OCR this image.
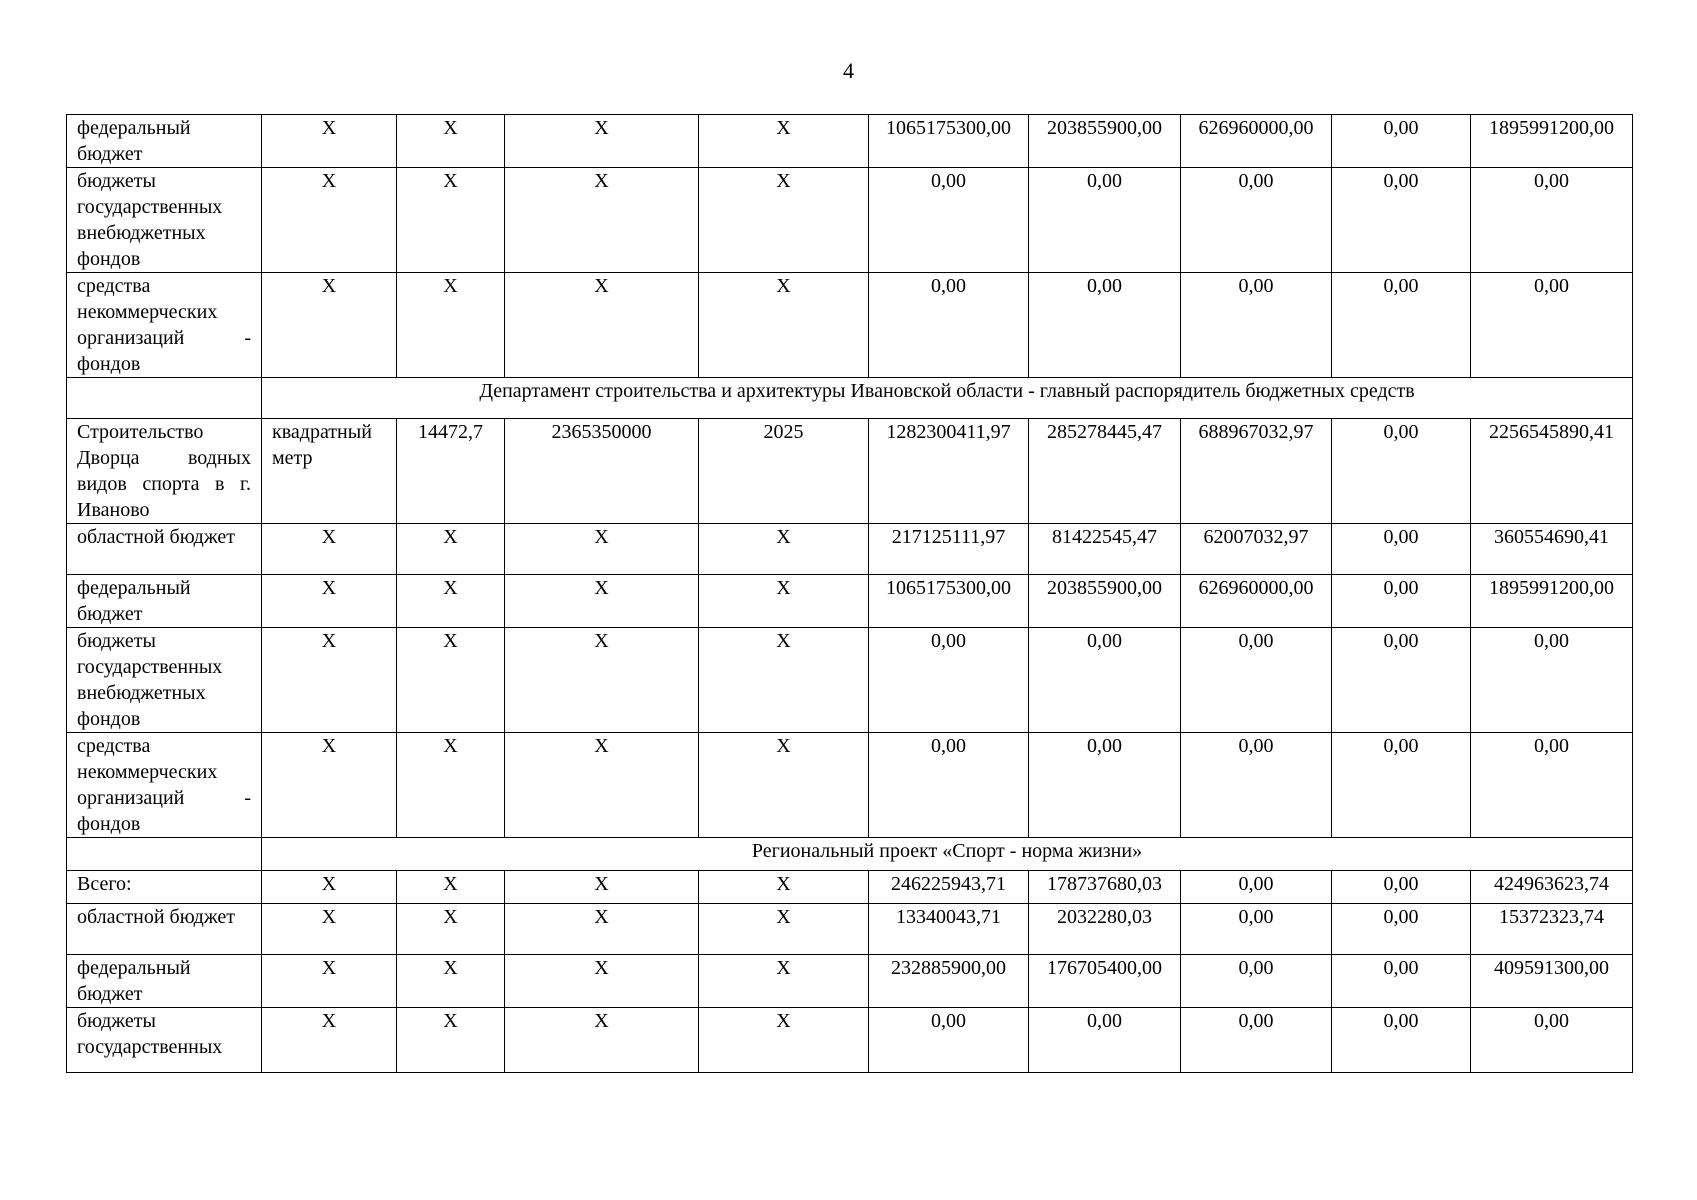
4
федеральный бюджет	X	X	X	X	1065175300,00	203855900,00	626960000,00	0,00	1895991200,00
бюджеты государственных внебюджетных фондов	X	X	X	X	0,00	0,00	0,00	0,00	0,00
средства некоммерческих организаций - фондов	X	X	X	X	0,00	0,00	0,00	0,00	0,00
	Департамент строительства и архитектуры Ивановской области - главный распорядитель бюджетных средств								
Строительство Дворца водных видов спорта в г. Иваново	квадратный метр	14472,7	2365350000	2025	1282300411,97	285278445,47	688967032,97	0,00	2256545890,41
областной бюджет	X	X	X	X	217125111,97	81422545,47	62007032,97	0,00	360554690,41
федеральный бюджет	X	X	X	X	1065175300,00	203855900,00	626960000,00	0,00	1895991200,00
бюджеты государственных внебюджетных фондов	X	X	X	X	0,00	0,00	0,00	0,00	0,00
средства некоммерческих организаций - фондов	X	X	X	X	0,00	0,00	0,00	0,00	0,00
	Региональный проект «Спорт - норма жизни»								
Всего:	X	X	X	X	246225943,71	178737680,03	0,00	0,00	424963623,74
областной бюджет	X	X	X	X	13340043,71	2032280,03	0,00	0,00	15372323,74
федеральный бюджет	X	X	X	X	232885900,00	176705400,00	0,00	0,00	409591300,00
бюджеты государственных	X	X	X	X	0,00	0,00	0,00	0,00	0,00
